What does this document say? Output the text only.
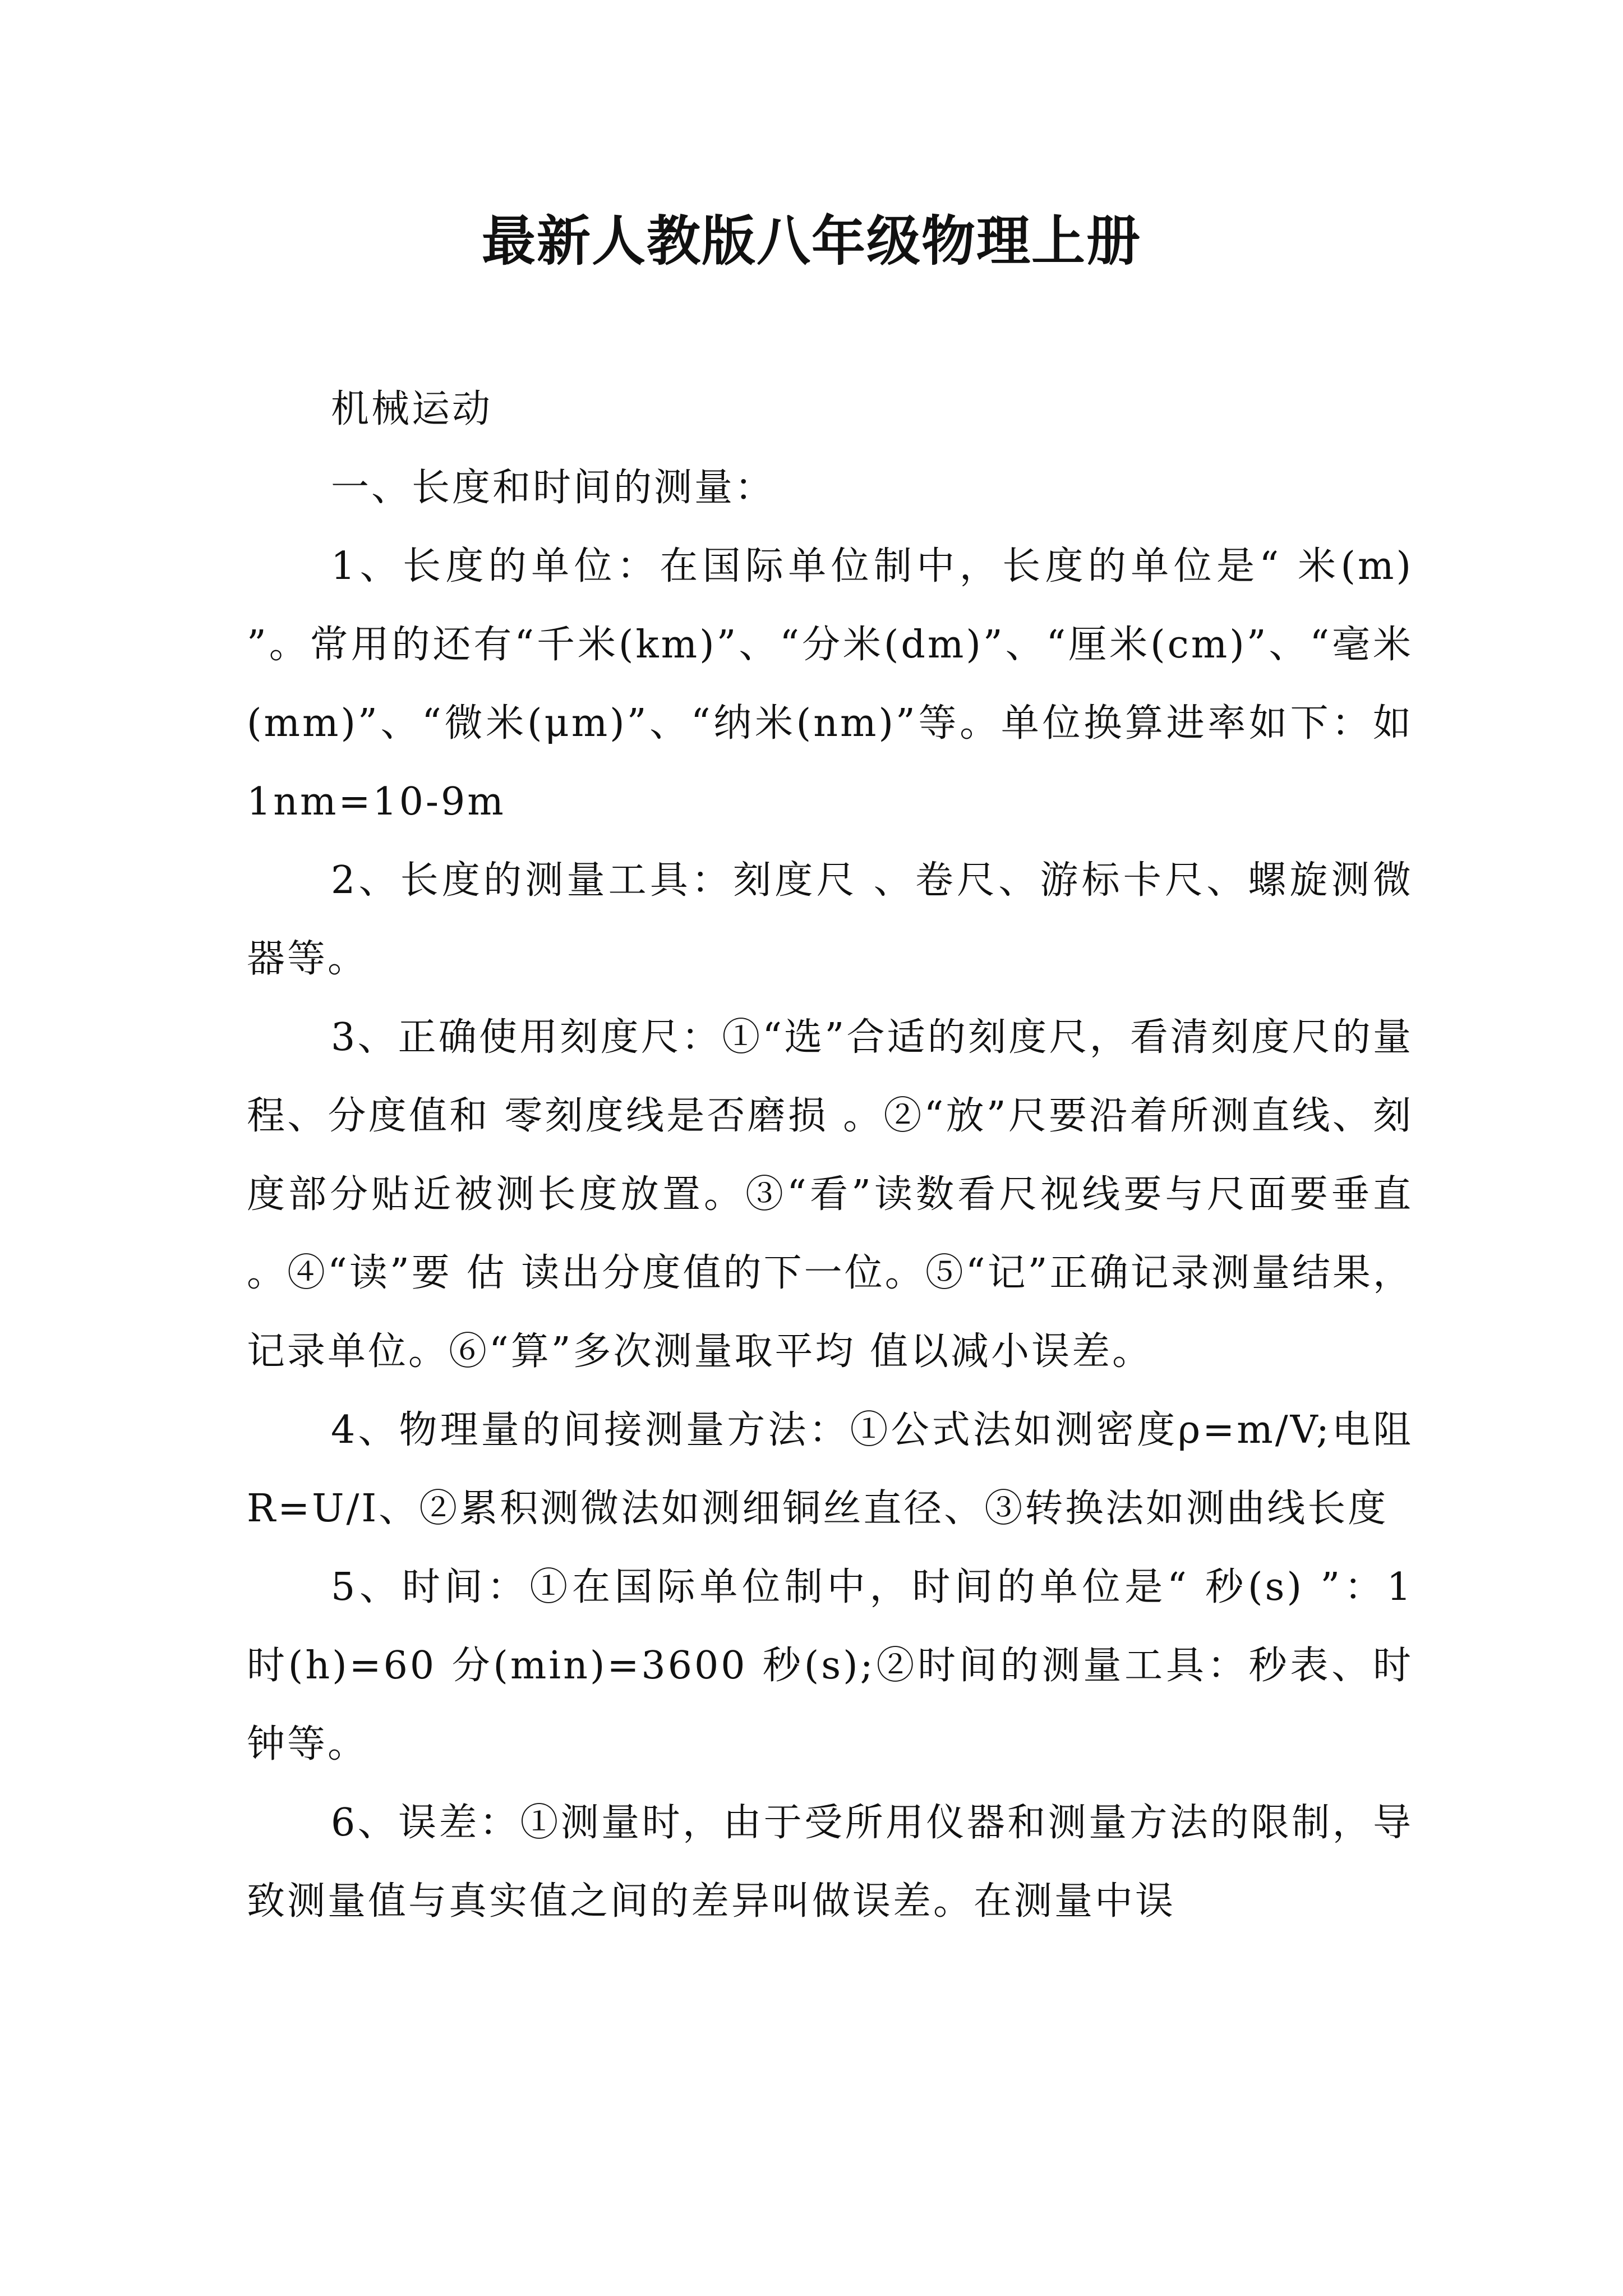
最新人教版八年级物理上册

机械运动

一、长度和时间的测量：

1、长度的单位：在国际单位制中，长度的单位是“ 米(m) ”。常用的还有“千米(km)”、“分米(dm)”、“厘米(cm)”、“毫米(mm)”、“微米(μm)”、“纳米(nm)”等。单位换算进率如下：如 1nm=10-9m

2、长度的测量工具：刻度尺 、卷尺、游标卡尺、螺旋测微器等。

3、正确使用刻度尺：①“选”合适的刻度尺，看清刻度尺的量程、分度值和 零刻度线是否磨损 。②“放”尺要沿着所测直线、刻度部分贴近被测长度放置。③“看”读数看尺视线要与尺面要垂直 。④“读”要 估 读出分度值的下一位。⑤“记”正确记录测量结果，记录单位。⑥“算”多次测量取平均 值以减小误差。

4、物理量的间接测量方法：①公式法如测密度ρ=m/V;电阻 R=U/I、②累积测微法如测细铜丝直径、③转换法如测曲线长度

5、时间：①在国际单位制中，时间的单位是“ 秒(s) ”：1 时(h)=60 分(min)=3600 秒(s);②时间的测量工具：秒表、时钟等。

6、误差：①测量时，由于受所用仪器和测量方法的限制，导致测量值与真实值之间的差异叫做误差。在测量中误
